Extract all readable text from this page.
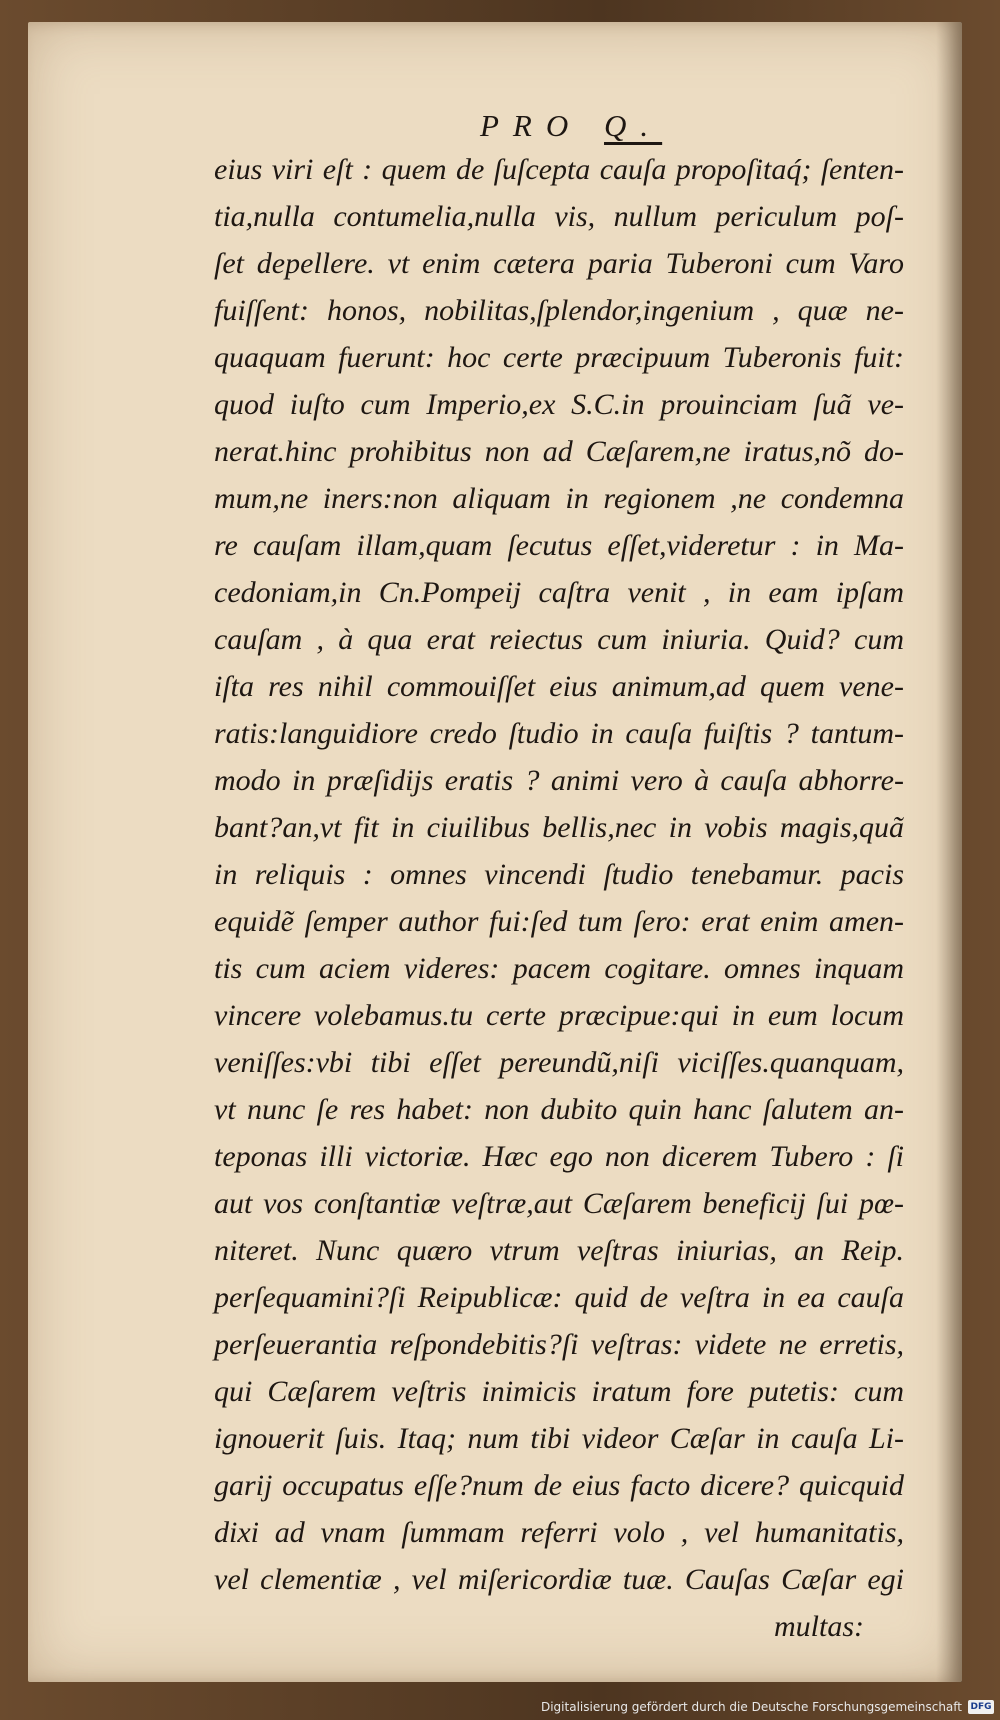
PRO Q.
eius viri eſt : quem de ſuſcepta cauſa propoſitaq́; ſenten-
tia,nulla contumelia,nulla vis, nullum periculum poſ-
ſet depellere. vt enim cætera paria Tuberoni cum Varo
fuiſſent: honos, nobilitas,ſplendor,ingenium , quæ ne-
quaquam fuerunt: hoc certe præcipuum Tuberonis fuit:
quod iuſto cum Imperio,ex S.C.in prouinciam ſuã ve-
nerat.hinc prohibitus non ad Cæſarem,ne iratus,nõ do-
mum,ne iners:non aliquam in regionem ,ne condemna
re cauſam illam,quam ſecutus eſſet,videretur : in Ma-
cedoniam,in Cn.Pompeij caſtra venit , in eam ipſam
cauſam , à qua erat reiectus cum iniuria. Quid? cum
iſta res nihil commouiſſet eius animum,ad quem vene-
ratis:languidiore credo ſtudio in cauſa fuiſtis ? tantum-
modo in præſidijs eratis ? animi vero à cauſa abhorre-
bant?an,vt fit in ciuilibus bellis,nec in vobis magis,quã
in reliquis : omnes vincendi ſtudio tenebamur. pacis
equidẽ ſemper author fui:ſed tum ſero: erat enim amen-
tis cum aciem videres: pacem cogitare. omnes inquam
vincere volebamus.tu certe præcipue:qui in eum locum
veniſſes:vbi tibi eſſet pereundũ,niſi viciſſes.quanquam,
vt nunc ſe res habet: non dubito quin hanc ſalutem an-
teponas illi victoriæ. Hæc ego non dicerem Tubero : ſi
aut vos conſtantiæ veſtræ,aut Cæſarem beneficij ſui pœ-
niteret. Nunc quæro vtrum veſtras iniurias, an Reip.
perſequamini?ſi Reipublicæ: quid de veſtra in ea cauſa
perſeuerantia reſpondebitis?ſi veſtras: videte ne erretis,
qui Cæſarem veſtris inimicis iratum fore putetis: cum
ignouerit ſuis. Itaq; num tibi videor Cæſar in cauſa Li-
garij occupatus eſſe?num de eius facto dicere? quicquid
dixi ad vnam ſummam referri volo , vel humanitatis,
vel clementiæ , vel miſericordiæ tuæ. Cauſas Cæſar egi
multas:
Digitalisierung gefördert durch die Deutsche Forschungsgemeinschaft DFG
